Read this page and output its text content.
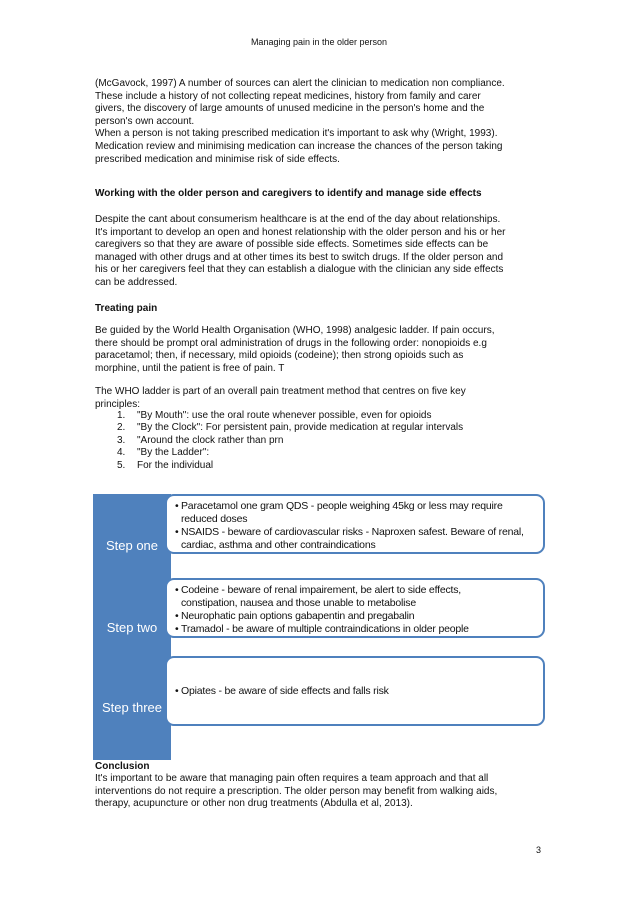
Managing pain in the older person

(McGavock, 1997) A number of sources can alert the clinician to medication non compliance.

These include a history of not collecting repeat medicines, history from family and carer

givers, the discovery of large amounts of unused medicine in the person's home and the

person's own account.

When a person is not taking prescribed medication it's important to ask why (Wright, 1993).

Medication review and minimising medication can increase the chances of the person taking

prescribed medication and minimise risk of side effects.

Working with the older person and caregivers to identify and manage side effects

Despite the cant about consumerism healthcare is at the end of the day about relationships.

It's important to develop an open and honest relationship with the older person and his or her

caregivers so that they are aware of possible side effects. Sometimes side effects can be

managed with other drugs and at other times its best to switch drugs. If the older person and

his or her caregivers feel that they can establish a dialogue with the clinician any side effects

can be addressed.

Treating pain

Be guided by the World Health Organisation (WHO, 1998) analgesic ladder. If pain occurs,

there should be prompt oral administration of drugs in the following order: nonopioids e.g

paracetamol; then, if necessary, mild opioids (codeine); then strong opioids such as

morphine, until the patient is free of pain. T

The WHO ladder is part of an overall pain treatment method that centres on five key

principles:

1. "By Mouth": use the oral route whenever possible, even for opioids
2. "By the Clock": For persistent pain, provide medication at regular intervals
3. "Around the clock rather than prn
4. "By the Ladder":
5. For the individual
Step one
Step two
Step three
• Paracetamol one gram QDS - people weighing 45kg or less may require
reduced doses
• NSAIDS - beware of cardiovascular risks - Naproxen safest. Beware of renal,
cardiac, asthma and other contraindications
• Codeine - beware of renal impairement, be alert to side effects,
constipation, nausea and those unable to metabolise
• Neurophatic pain options gabapentin and pregabalin
• Tramadol - be aware of multiple contraindications in older people
• Opiates - be aware of side effects and falls risk
Conclusion

It's important to be aware that managing pain often requires a team approach and that all

interventions do not require a prescription. The older person may benefit from walking aids,

therapy, acupuncture or other non drug treatments (Abdulla et al, 2013).

3
